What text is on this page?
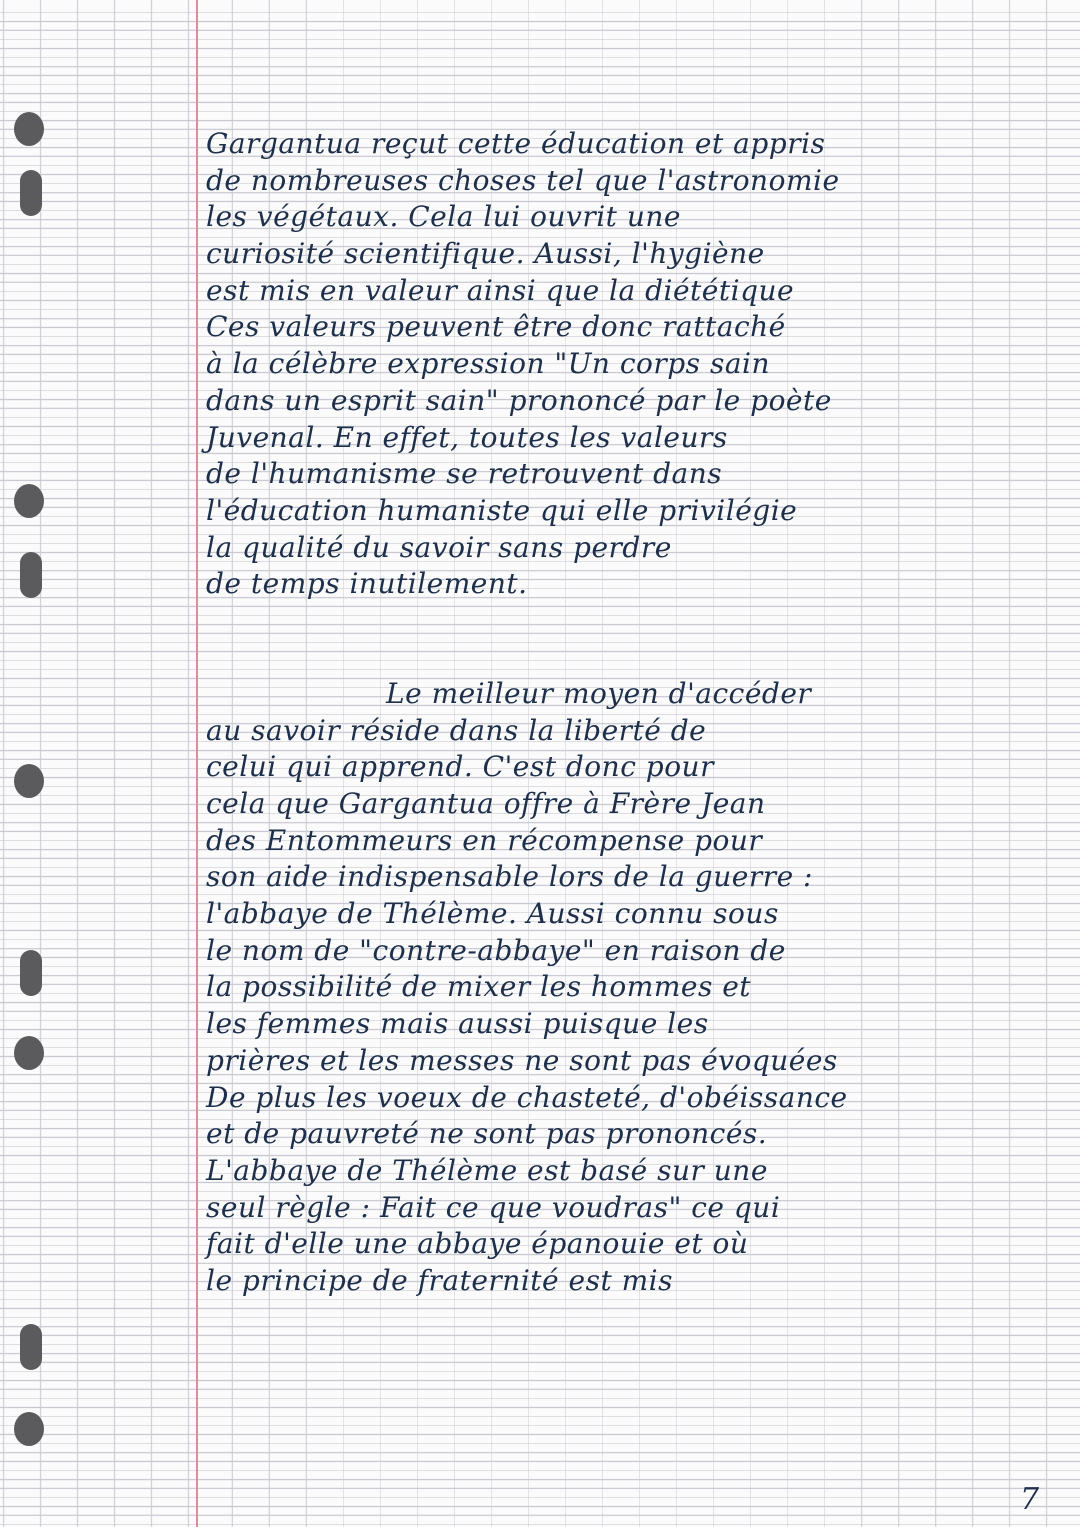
Gargantua reçut cette éducation et appris
de nombreuses choses tel que l'astronomie
les végétaux. Cela lui ouvrit une
curiosité scientifique. Aussi, l'hygiène
est mis en valeur ainsi que la diététique
Ces valeurs peuvent être donc rattaché
à la célèbre expression "Un corps sain
dans un esprit sain" prononcé par le poète
Juvenal. En effet, toutes les valeurs
de l'humanisme se retrouvent dans
l'éducation humaniste qui elle privilégie
la qualité du savoir sans perdre
de temps inutilement.
Le meilleur moyen d'accéder
au savoir réside dans la liberté de
celui qui apprend. C'est donc pour
cela que Gargantua offre à Frère Jean
des Entommeurs en récompense pour
son aide indispensable lors de la guerre :
l'abbaye de Thélème. Aussi connu sous
le nom de "contre-abbaye" en raison de
la possibilité de mixer les hommes et
les femmes mais aussi puisque les
prières et les messes ne sont pas évoquées
De plus les voeux de chasteté, d'obéissance
et de pauvreté ne sont pas prononcés.
L'abbaye de Thélème est basé sur une
seul règle : Fait ce que voudras" ce qui
fait d'elle une abbaye épanouie et où
le principe de fraternité est mis
7
